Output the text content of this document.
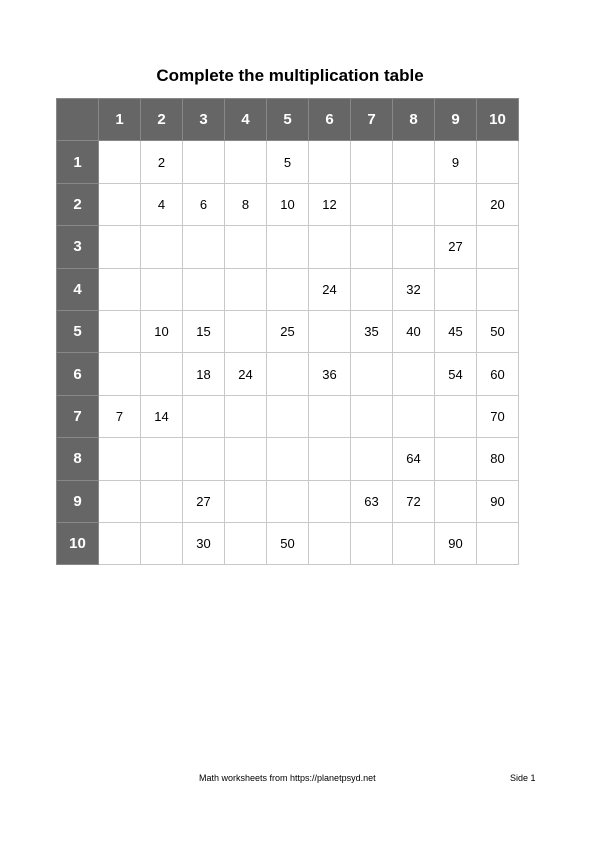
Complete the multiplication table
	1	2	3	4	5	6	7	8	9	10
1		2			5				9	
2		4	6	8	10	12				20
3									27	
4						24		32		
5		10	15		25		35	40	45	50
6			18	24		36			54	60
7	7	14								70
8								64		80
9			27				63	72		90
10			30		50				90	
Math worksheets from https://planetpsyd.net	Side 1
